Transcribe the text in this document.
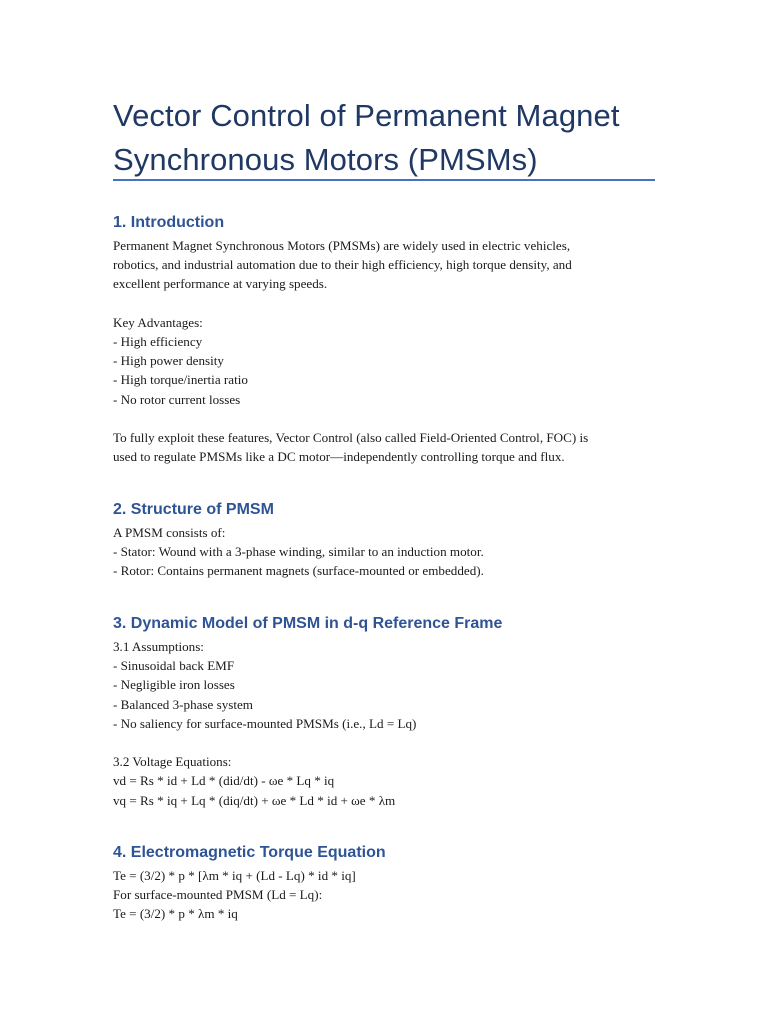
Vector Control of Permanent Magnet Synchronous Motors (PMSMs)
1. Introduction
Permanent Magnet Synchronous Motors (PMSMs) are widely used in electric vehicles,
robotics, and industrial automation due to their high efficiency, high torque density, and
excellent performance at varying speeds.
Key Advantages:
- High efficiency
- High power density
- High torque/inertia ratio
- No rotor current losses
To fully exploit these features, Vector Control (also called Field-Oriented Control, FOC) is
used to regulate PMSMs like a DC motor—independently controlling torque and flux.
2. Structure of PMSM
A PMSM consists of:
- Stator: Wound with a 3-phase winding, similar to an induction motor.
- Rotor: Contains permanent magnets (surface-mounted or embedded).
3. Dynamic Model of PMSM in d-q Reference Frame
3.1 Assumptions:
- Sinusoidal back EMF
- Negligible iron losses
- Balanced 3-phase system
- No saliency for surface-mounted PMSMs (i.e., Ld = Lq)
3.2 Voltage Equations:
vd = Rs * id + Ld * (did/dt) - ωe * Lq * iq
vq = Rs * iq + Lq * (diq/dt) + ωe * Ld * id + ωe * λm
4. Electromagnetic Torque Equation
Te = (3/2) * p * [λm * iq + (Ld - Lq) * id * iq]
For surface-mounted PMSM (Ld = Lq):
Te = (3/2) * p * λm * iq
